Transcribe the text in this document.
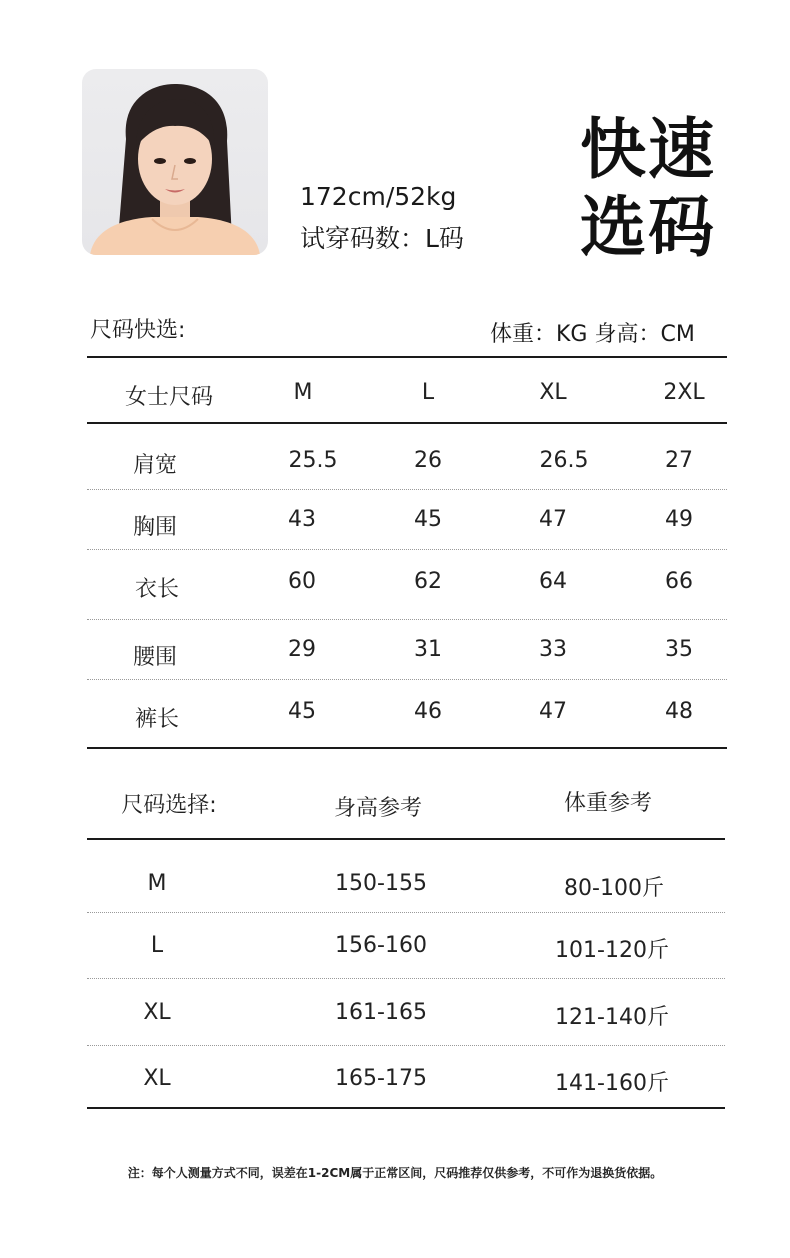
172cm/52kg
试穿码数：L码
快速
选码
尺码快选:	体重：KG 身高：CM
女士尺码	M	L	XL	2XL
肩宽	25.5	26	26.5	27
胸围	43	45	47	49
衣长	60	62	64	66
腰围	29	31	33	35
裤长	45	46	47	48
尺码选择:	身高参考	体重参考
M	150-155	80-100斤
L	156-160	101-120斤
XL	161-165	121-140斤
XL	165-175	141-160斤
注：每个人测量方式不同，误差在1-2CM属于正常区间，尺码推荐仅供参考，不可作为退换货依据。
